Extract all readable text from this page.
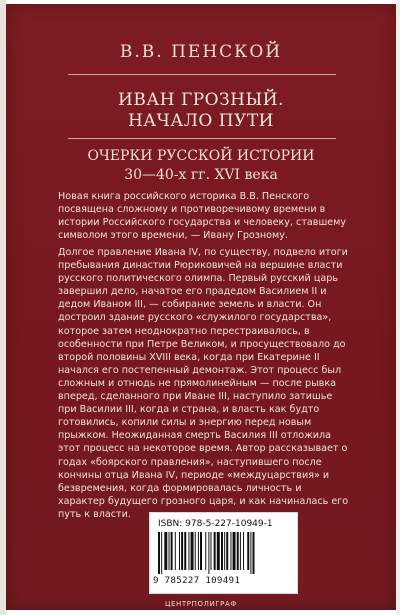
В.В. ПЕНСКОЙ
ИВАН ГРОЗНЫЙ.
НАЧАЛО ПУТИ
ОЧЕРКИ РУССКОЙ ИСТОРИИ
30—40-х гг. XVI века

Новая книга российского историка В.В. Пенского посвящена сложному и противоречивому времени в истории Российского государства и человеку, ставшему символом этого времени, — Ивану Грозному.

Долгое правление Ивана IV, по существу, подвело итоги пребывания династии Рюриковичей на вершине власти русского политического олимпа. Первый русский царь завершил дело, начатое его прадедом Василием II и дедом Иваном III, — собирание земель и власти. Он достроил здание русского «служилого государства», которое затем неоднократно перестраивалось, в особенности при Петре Великом, и просуществовало до второй половины XVIII века, когда при Екатерине II начался его постепенный демонтаж. Этот процесс был сложным и отнюдь не прямолинейным — после рывка вперед, сделанного при Иване III, наступило затишье при Василии III, когда и страна, и власть как будто готовились, копили силы и энергию перед новым прыжком. Неожиданная смерть Василия III отложила этот процесс на некоторое время. Автор рассказывает о годах «боярского правления», наступившего после кончины отца Ивана IV, периоде «междуцарствия» и безвремения, когда формировалась личность и характер будущего грозного царя, и как начиналась его путь к власти.

ISBN: 978-5-227-10949-1
9 785227 109491
ЦЕНТРПОЛИГРАФ
